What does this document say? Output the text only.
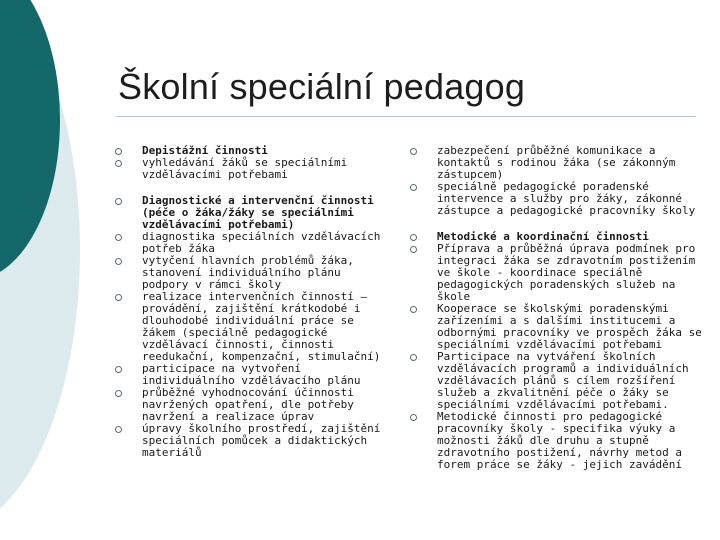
Školní speciální pedagog
Depistážní činnosti
vyhledávání žáků se speciálními vzdělávacími potřebami
Diagnostické a intervenční činnosti (péče o žáka/žáky se speciálními vzdělávacími potřebami)
diagnostika speciálních vzdělávacích potřeb žáka
vytyčení hlavních problémů žáka, stanovení individuálního plánu podpory v rámci školy
realizace intervenčních činností – provádění, zajištění krátkodobé i dlouhodobé individuální práce se žákem (speciálně pedagogické vzdělávací činnosti, činnosti reedukační, kompenzační, stimulační)
participace na vytvoření individuálního vzdělávacího plánu
průběžné vyhodnocování účinnosti navržených opatření, dle potřeby navržení a realizace úprav
úpravy školního prostředí, zajištění speciálních pomůcek a didaktických materiálů
zabezpečení průběžné komunikace a kontaktů s rodinou žáka (se zákonným zástupcem)
speciálně pedagogické poradenské intervence a služby pro žáky, zákonné zástupce a pedagogické pracovníky školy
Metodické a koordinační činnosti
Příprava a průběžná úprava podmínek pro integraci žáka se zdravotním postižením ve škole - koordinace speciálně pedagogických poradenských služeb na škole
Kooperace se školskými poradenskými zařízeními a s dalšími institucemi a odbornými pracovníky ve prospěch žáka se speciálními vzdělávacími potřebami
Participace na vytváření školních vzdělávacích programů a individuálních vzdělávacích plánů s cílem rozšíření služeb a zkvalitnění péče o žáky se speciálními vzdělávacími potřebami.
Metodické činnosti pro pedagogické pracovníky školy - specifika výuky a možnosti žáků dle druhu a stupně zdravotního postižení, návrhy metod a forem práce se žáky - jejich zavádění
